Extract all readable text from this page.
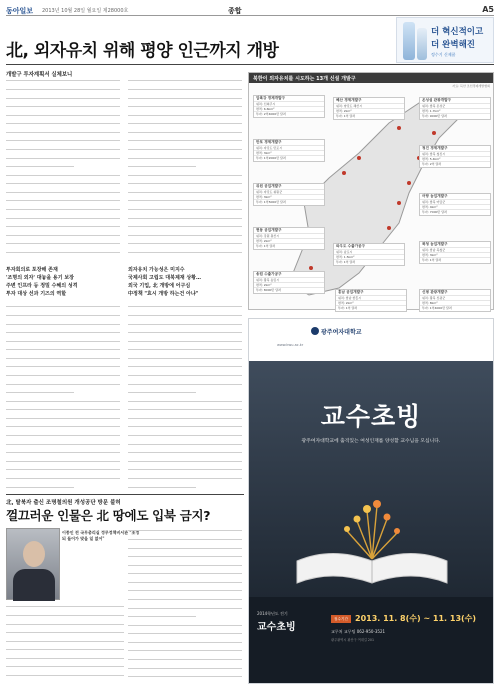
동아일보 2013년 10월 28일 월요일 제28000호	종합	A5
더 혁신적이고
더 완벽해진
정수기 신제품
北, 외자유치 위해 평양 인근까지 개방
개발구 투자계획서 실체보니
투자회의로 포장해 존재
'조명의 외자' 대놓을 용기 보장
주변 인프라 등 정밀 수혜의 성격
투자 대상 선과 기즈의 역할
외자유치 가능성은 미지수
국제사회 고립도 대북제재 상황…
외국 기업, 北 개방에 어구심
中정책 "효시 개방 하는건 아냐"
북한이 외자유치를 시도하는 13개 신설 개발구
자료: 북한 조선경제개발협회
압록강 경제개발구
위치: 신의주시
면적: 6.6km²
투자: 2억4000만 달러
만포 경제개발구
위치: 자강도 만포시
면적: 3km²
투자: 1억2000만 달러
위원 공업개발구
위치: 자강도 위원군
면적: 3km²
투자: 1억5000만 달러
혜산 경제개발구
위치: 양강도 혜산시
면적: 2km²
투자: 1억 달러
온성섬 관광개발구
위치: 함북 온성군
면적: 1.7km²
투자: 9000만 달러
청진 경제개발구
위치: 함북 청진시
면적: 5.4km²
투자: 2억 달러
어랑 농업개발구
위치: 함북 어랑군
면적: 4km²
투자: 7000만 달러
북청 농업개발구
위치: 함남 북청군
면적: 3km²
투자: 1억 달러
흥남 공업개발구
위치: 함남 함흥시
면적: 2km²
투자: 1억 달러
현동 공업개발구
위치: 강원 원산시
면적: 2km²
투자: 1억 달러
송림 수출가공구
위치: 황북 송림시
면적: 2km²
투자: 8000만 달러
와우도 수출가공구
위치: 남포시
면적: 1.5km²
투자: 1억 달러
신평 관광개발구
위치: 황북 신평군
면적: 8km²
투자: 1억4000만 달러
광주여자대학교
www.kwu.ac.kr
교수초빙
광주여자대학교에 출격있는 여성인재를 양성할 교수님을 모십니다.
2014학년도 전기
교수초빙
접수기간 2013. 11. 8(수) ~ 11. 13(수)
교무처 교무팀 062-950-3521
광주광역시 광산구 여대길 201
北, 탈북자 출신 조명철의원 개성공단 방문 불허
껄끄러운 인물은 北 땅에도 입북 금지?
이종인 전 국무총리실 정무정책비서관 "조정되 들어가 맞을 일 없어"
